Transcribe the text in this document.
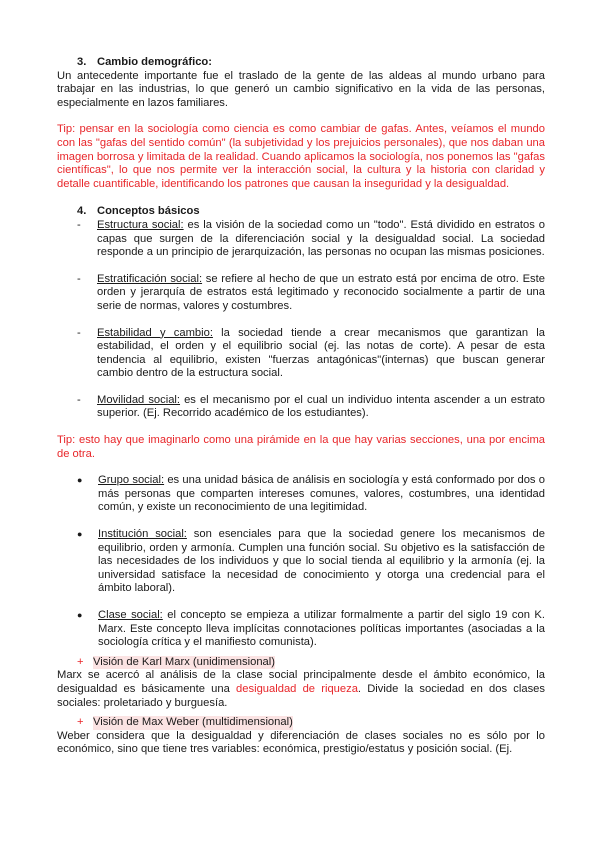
3. Cambio demográfico:

Un antecedente importante fue el traslado de la gente de las aldeas al mundo urbano para trabajar en las industrias, lo que generó un cambio significativo en la vida de las personas, especialmente en lazos familiares.

Tip: pensar en la sociología como ciencia es como cambiar de gafas. Antes, veíamos el mundo con las "gafas del sentido común" (la subjetividad y los prejuicios personales), que nos daban una imagen borrosa y limitada de la realidad. Cuando aplicamos la sociología, nos ponemos las "gafas científicas", lo que nos permite ver la interacción social, la cultura y la historia con claridad y detalle cuantificable, identificando los patrones que causan la inseguridad y la desigualdad.

4. Conceptos básicos
-	Estructura social: es la visión de la sociedad como un "todo". Está dividido en estratos o capas que surgen de la diferenciación social y la desigualdad social. La sociedad responde a un principio de jerarquización, las personas no ocupan las mismas posiciones.

-	Estratificación social: se refiere al hecho de que un estrato está por encima de otro. Este orden y jerarquía de estratos está legitimado y reconocido socialmente a partir de una serie de normas, valores y costumbres.

-	Estabilidad y cambio: la sociedad tiende a crear mecanismos que garantizan la estabilidad, el orden y el equilibrio social (ej. las notas de corte). A pesar de esta tendencia al equilibrio, existen "fuerzas antagónicas"(internas) que buscan generar cambio dentro de la estructura social.

-	Movilidad social: es el mecanismo por el cual un individuo intenta ascender a un estrato superior. (Ej. Recorrido académico de los estudiantes).

Tip: esto hay que imaginarlo como una pirámide en la que hay varias secciones, una por encima de otra.

●	Grupo social: es una unidad básica de análisis en sociología y está conformado por dos o más personas que comparten intereses comunes, valores, costumbres, una identidad común, y existe un reconocimiento de una legitimidad.

●	Institución social: son esenciales para que la sociedad genere los mecanismos de equilibrio, orden y armonía. Cumplen una función social. Su objetivo es la satisfacción de las necesidades de los individuos y que lo social tienda al equilibrio y la armonía (ej. la universidad satisface la necesidad de conocimiento y otorga una credencial para el ámbito laboral).

●	Clase social: el concepto se empieza a utilizar formalmente a partir del siglo 19 con K. Marx. Este concepto lleva implícitas connotaciones políticas importantes (asociadas a la sociología crítica y el manifiesto comunista).

+ Visión de Karl Marx (unidimensional)

Marx se acercó al análisis de la clase social principalmente desde el ámbito económico, la desigualdad es básicamente una desigualdad de riqueza. Divide la sociedad en dos clases sociales: proletariado y burguesía.

+ Visión de Max Weber (multidimensional)

Weber considera que la desigualdad y diferenciación de clases sociales no es sólo por lo económico, sino que tiene tres variables: económica, prestigio/estatus y posición social. (Ej.
